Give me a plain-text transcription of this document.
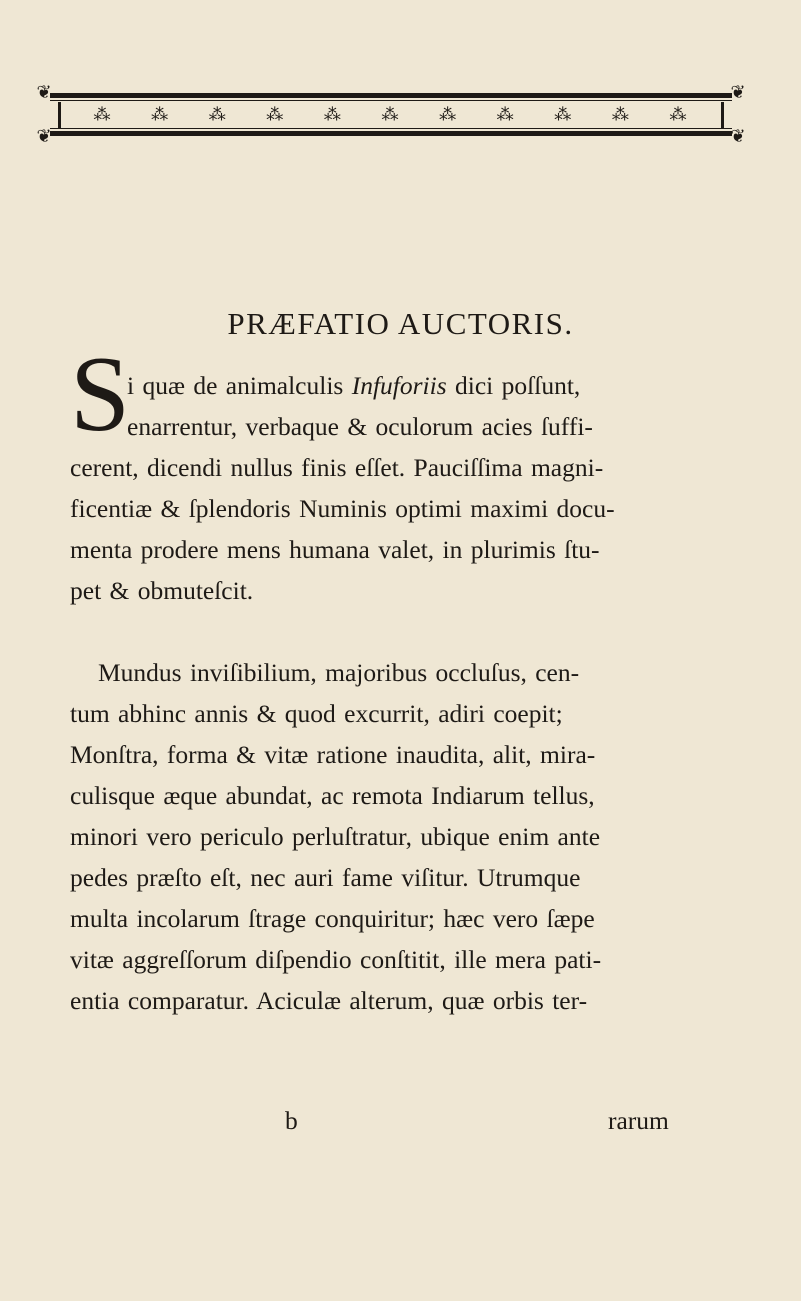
❦	❦
❦	❦
⁂	⁂	⁂	⁂	⁂	⁂	⁂	⁂	⁂	⁂	⁂
PRÆFATIO AUCTORIS.
S
i quæ de animalculis Infuforiis dici poſſunt,
enarrentur, verbaque & oculorum acies ſuffi-
cerent, dicendi nullus finis eſſet. Pauciſſima magni-
ficentiæ & ſplendoris Numinis optimi maximi docu-
menta prodere mens humana valet, in plurimis ſtu-
pet & obmuteſcit.
Mundus inviſibilium, majoribus occluſus, cen-
tum abhinc annis & quod excurrit, adiri coepit;
Monſtra, forma & vitæ ratione inaudita, alit, mira-
culisque æque abundat, ac remota Indiarum tellus,
minori vero periculo perluſtratur, ubique enim ante
pedes præſto eſt, nec auri fame viſitur. Utrumque
multa incolarum ſtrage conquiritur; hæc vero ſæpe
vitæ aggreſſorum diſpendio conſtitit, ille mera pati-
entia comparatur. Aciculæ alterum, quæ orbis ter-
b	rarum
